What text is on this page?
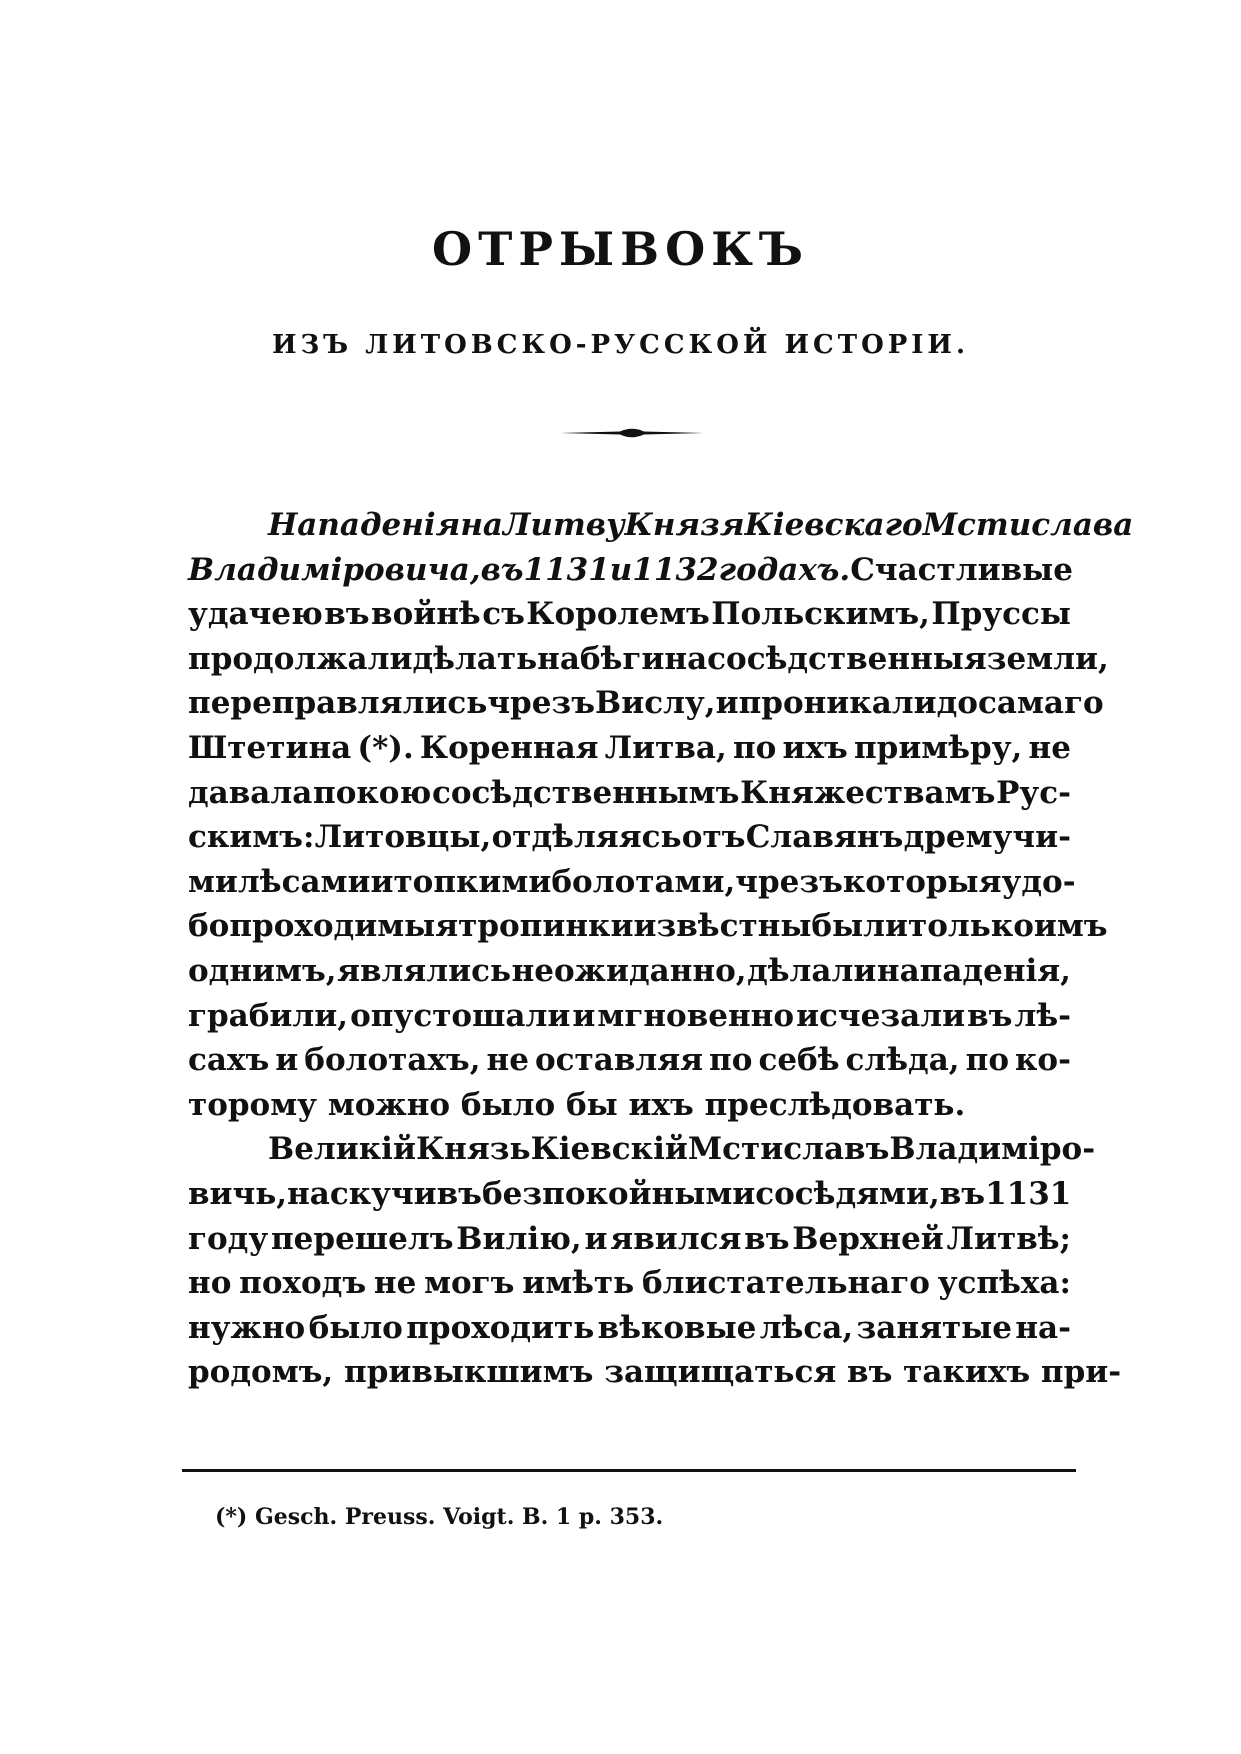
ОТРЫВОКЪ
ИЗЪ ЛИТОВСКО-РУССКОЙ ИСТОРІИ.
Нападенія на Литву Князя Кіевскаго Мстислава
Владиміровича, въ 1131 и 1132 годахъ. Счастливые
удачею въ войнѣ съ Королемъ Польскимъ, Пруссы
продолжали дѣлать набѣги на сосѣдственныя земли,
переправлялись чрезъ Вислу, и проникали до самаго
Штетина (*). Коренная Литва, по ихъ примѣру, не
давала покою сосѣдственнымъ Княжествамъ Рус-
скимъ: Литовцы, отдѣляясь отъ Славянъ дремучи-
ми лѣсами и топкими болотами, чрезъ которыя удо-
бопроходимыя тропинки извѣстны были только имъ
однимъ, являлись неожиданно, дѣлали нападенія,
грабили, опустошали и мгновенно исчезали въ лѣ-
сахъ и болотахъ, не оставляя по себѣ слѣда, по ко-
торому
можно
было
бы
ихъ
преслѣдовать.
Великій Князь Кіевскій Мстиславъ Владиміро-
вичь, наскучивъ безпокойными сосѣдями, въ 1131
году перешелъ Вилію, и явился въ Верхней Литвѣ;
но походъ не могъ имѣть блистательнаго успѣха:
нужно было проходить вѣковые лѣса, занятые на-
родомъ,
привыкшимъ
защищаться
въ
такихъ
при-
(*) Gesch. Preuss. Voigt. B. 1 p. 353.
